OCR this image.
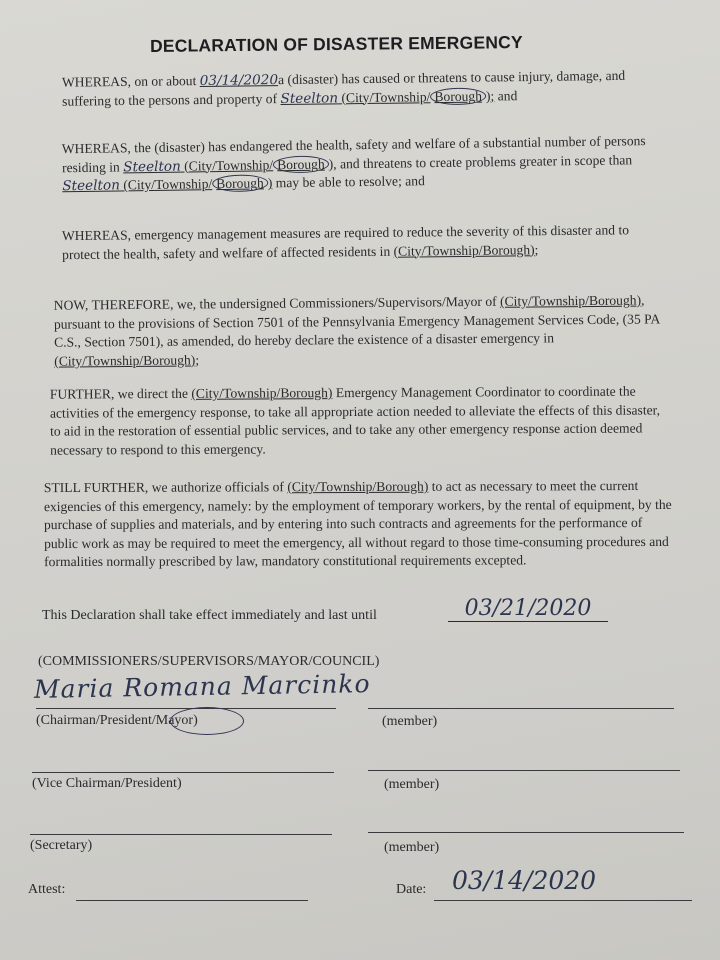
DECLARATION OF DISASTER EMERGENCY

WHEREAS, on or about 03/14/2020a (disaster) has caused or threatens to cause injury, damage, and suffering to the persons and property of Steelton (City/Township/ Borough ); and

WHEREAS, the (disaster) has endangered the health, safety and welfare of a substantial number of persons residing in Steelton (City/Township/ Borough ), and threatens to create problems greater in scope than Steelton (City/Township/ Borough ) may be able to resolve; and

WHEREAS, emergency management measures are required to reduce the severity of this disaster and to protect the health, safety and welfare of affected residents in (City/Township/Borough);

NOW, THEREFORE, we, the undersigned Commissioners/Supervisors/Mayor of (City/Township/Borough), pursuant to the provisions of Section 7501 of the Pennsylvania Emergency Management Services Code, (35 PA C.S., Section 7501), as amended, do hereby declare the existence of a disaster emergency in (City/Township/Borough);

FURTHER, we direct the (City/Township/Borough) Emergency Management Coordinator to coordinate the activities of the emergency response, to take all appropriate action needed to alleviate the effects of this disaster, to aid in the restoration of essential public services, and to take any other emergency response action deemed necessary to respond to this emergency.

STILL FURTHER, we authorize officials of (City/Township/Borough) to act as necessary to meet the current exigencies of this emergency, namely: by the employment of temporary workers, by the rental of equipment, by the purchase of supplies and materials, and by entering into such contracts and agreements for the performance of public work as may be required to meet the emergency, all without regard to those time-consuming procedures and formalities normally prescribed by law, mandatory constitutional requirements excepted.

This Declaration shall take effect immediately and last until	03/21/2020
(COMMISSIONERS/SUPERVISORS/MAYOR/COUNCIL)
Maria Romana Marcinko
(Chairman/President/Mayor)	(member)
(Vice Chairman/President)	(member)
(Secretary)	(member)
Attest:	Date: 03/14/2020
